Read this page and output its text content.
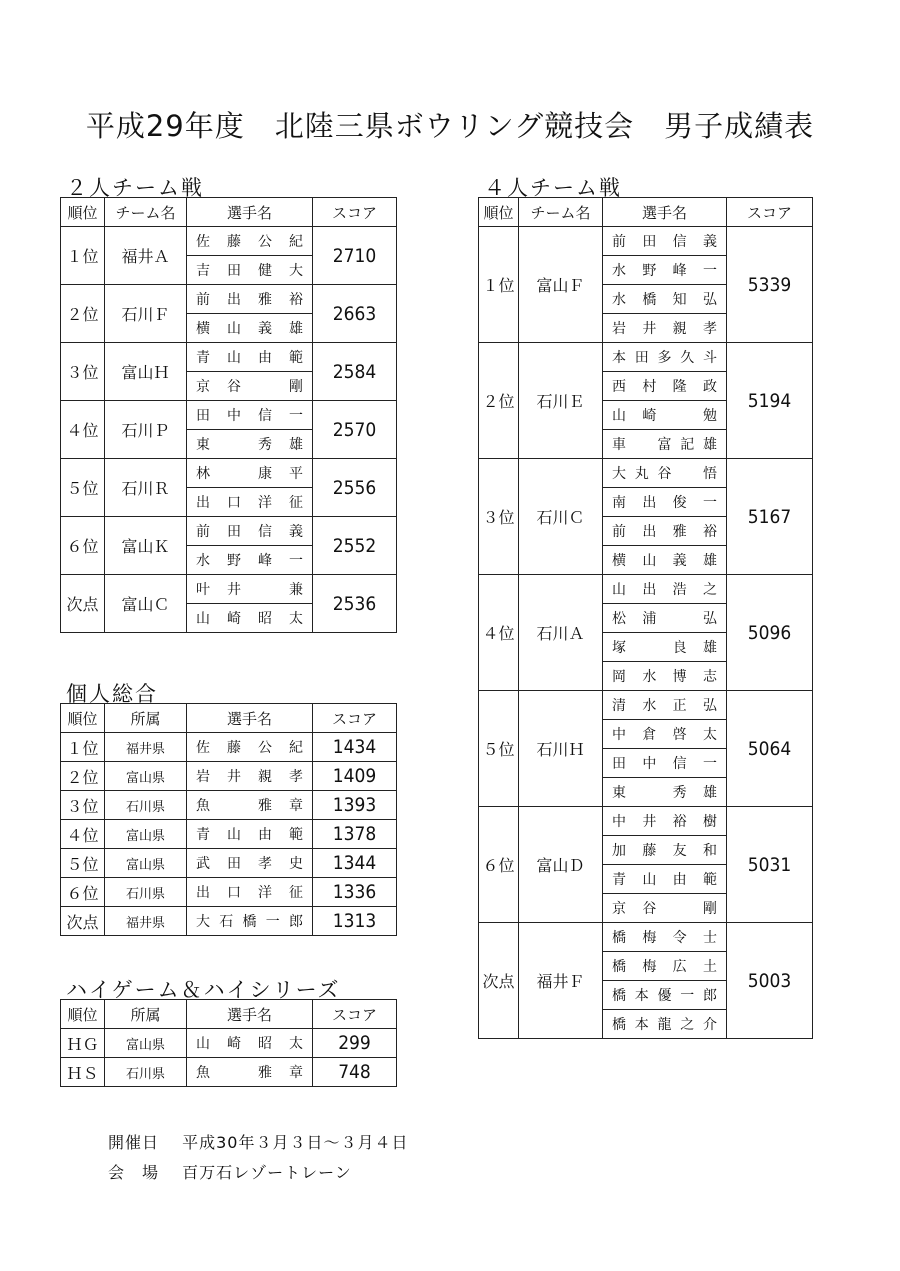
平成29年度　北陸三県ボウリング競技会　男子成績表
２人チーム戦
順位	チーム名	選手名	スコア
１位	福井Ａ	佐藤公紀	2710
		吉田健大	
２位	石川Ｆ	前出雅裕	2663
		横山義雄	
３位	富山Ｈ	青山由範	2584
		京谷　剛	
４位	石川Ｐ	田中信一	2570
		東　秀雄	
５位	石川Ｒ	林　康平	2556
		出口洋征	
６位	富山Ｋ	前田信義	2552
		水野峰一	
次点	富山Ｃ	叶井　兼	2536
		山崎昭太	
個人総合
順位	所属	選手名	スコア
１位	福井県	佐藤公紀	1434
２位	富山県	岩井親孝	1409
３位	石川県	魚　雅章	1393
４位	富山県	青山由範	1378
５位	富山県	武田孝史	1344
６位	石川県	出口洋征	1336
次点	福井県	大石橋一郎	1313
ハイゲーム＆ハイシリーズ
順位	所属	選手名	スコア
ＨＧ	富山県	山崎昭太	299
ＨＳ	石川県	魚　雅章	748
４人チーム戦
順位	チーム名	選手名	スコア
１位	富山Ｆ	前田信義	5339
		水野峰一	
		水橋知弘	
		岩井親孝	
２位	石川Ｅ	本田多久斗	5194
		西村隆政	
		山崎　勉	
		車　富記雄	
３位	石川Ｃ	大丸谷　悟	5167
		南出俊一	
		前出雅裕	
		横山義雄	
４位	石川Ａ	山出浩之	5096
		松浦　弘	
		塚　良雄	
		岡水博志	
５位	石川Ｈ	清水正弘	5064
		中倉啓太	
		田中信一	
		東　秀雄	
６位	富山Ｄ	中井裕樹	5031
		加藤友和	
		青山由範	
		京谷　剛	
次点	福井Ｆ	橋梅令士	5003
		橋梅広土	
		橋本優一郎	
		橋本龍之介	
開催日　 平成30年３月３日～３月４日
会　場　 百万石レゾートレーン
